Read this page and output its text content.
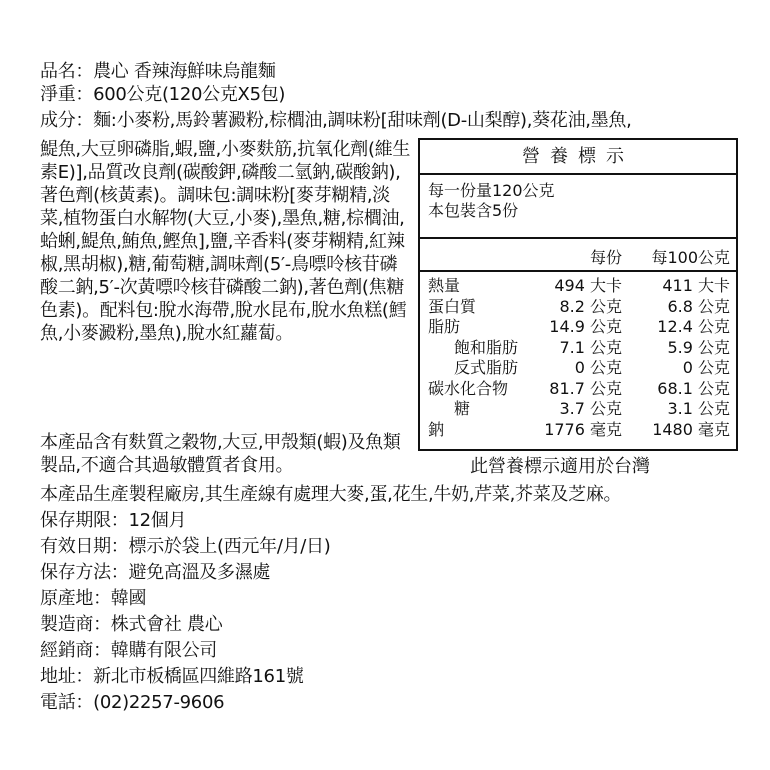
品名：農心 香辣海鮮味烏龍麵
淨重：600公克(120公克X5包)
成分：麵:小麥粉,馬鈴薯澱粉,棕櫚油,調味粉[甜味劑(D-山梨醇),葵花油,墨魚,
鯷魚,大豆卵磷脂,蝦,鹽,小麥麩筋,抗氧化劑(維生素E)],品質改良劑(碳酸鉀,磷酸二氫鈉,碳酸鈉),著色劑(核黃素)。調味包:調味粉[麥芽糊精,淡菜,植物蛋白水解物(大豆,小麥),墨魚,糖,棕櫚油,蛤蜊,鯷魚,鮪魚,鰹魚],鹽,辛香料(麥芽糊精,紅辣椒,黑胡椒),糖,葡萄糖,調味劑(5′-鳥嘌呤核苷磷酸二鈉,5′-次黃嘌呤核苷磷酸二鈉),著色劑(焦糖色素)。配料包:脫水海帶,脫水昆布,脫水魚糕(鱈魚,小麥澱粉,墨魚),脫水紅蘿蔔。
本產品含有麩質之穀物,大豆,甲殼類(蝦)及魚類製品,不適合其過敏體質者食用。
本產品生產製程廠房,其生產線有處理大麥,蛋,花生,牛奶,芹菜,芥菜及芝麻。
保存期限：12個月
有效日期：標示於袋上(西元年/月/日)
保存方法：避免高溫及多濕處
原產地：韓國
製造商：株式會社 農心
經銷商：韓購有限公司
地址：新北市板橋區四維路161號
電話：(02)2257-9606
營養標示
每一份量120公克
本包裝含5份
每份 每100公克
熱量	494 大卡	411 大卡
蛋白質	8.2 公克	6.8 公克
脂肪	14.9 公克 12.4 公克
飽和脂肪	7.1 公克	5.9 公克
反式脂肪	0 公克	0 公克
碳水化合物	81.7 公克 68.1 公克
糖	3.7 公克	3.1 公克
鈉	1776 毫克 1480 毫克
此營養標示適用於台灣
